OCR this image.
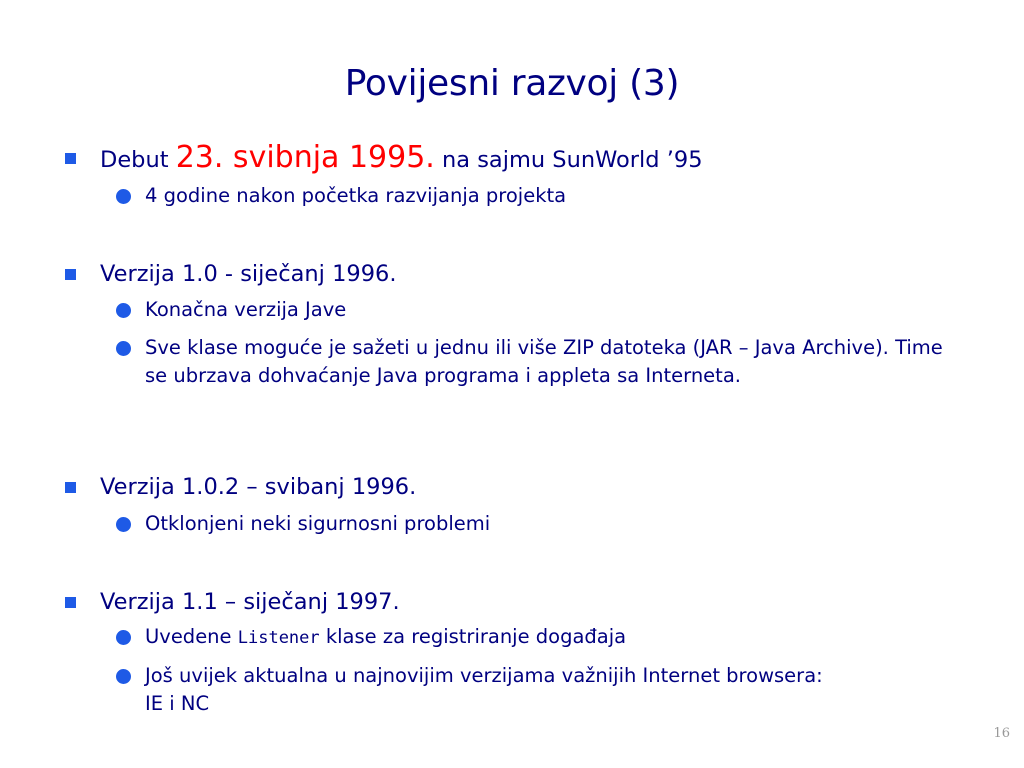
Povijesni razvoj (3)
Debut 23. svibnja 1995. na sajmu SunWorld ’95
4 godine nakon početka razvijanja projekta
Verzija 1.0 - siječanj 1996.
Konačna verzija Jave
Sve klase moguće je sažeti u jednu ili više ZIP datoteka (JAR – Java Archive). Time se ubrzava dohvaćanje Java programa i appleta sa Interneta.
Verzija 1.0.2 – svibanj 1996.
Otklonjeni neki sigurnosni problemi
Verzija 1.1 – siječanj 1997.
Uvedene Listener klase za registriranje događaja
Još uvijek aktualna u najnovijim verzijama važnijih Internet browsera: IE i NC
16
